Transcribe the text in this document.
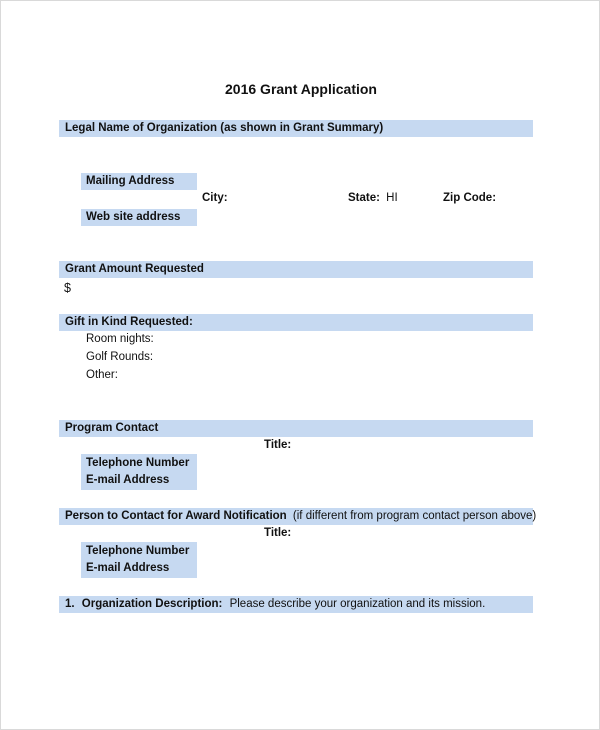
2016 Grant Application
Legal Name of Organization (as shown in Grant Summary)
Mailing Address
City:	State: HI	Zip Code:
Web site address
Grant Amount Requested
$
Gift in Kind Requested:
Room nights:
Golf Rounds:
Other:
Program Contact
Title:
Telephone Number
E-mail Address
Person to Contact for Award Notification (if different from program contact person above)
Title:
Telephone Number
E-mail Address
1. Organization Description: Please describe your organization and its mission.
